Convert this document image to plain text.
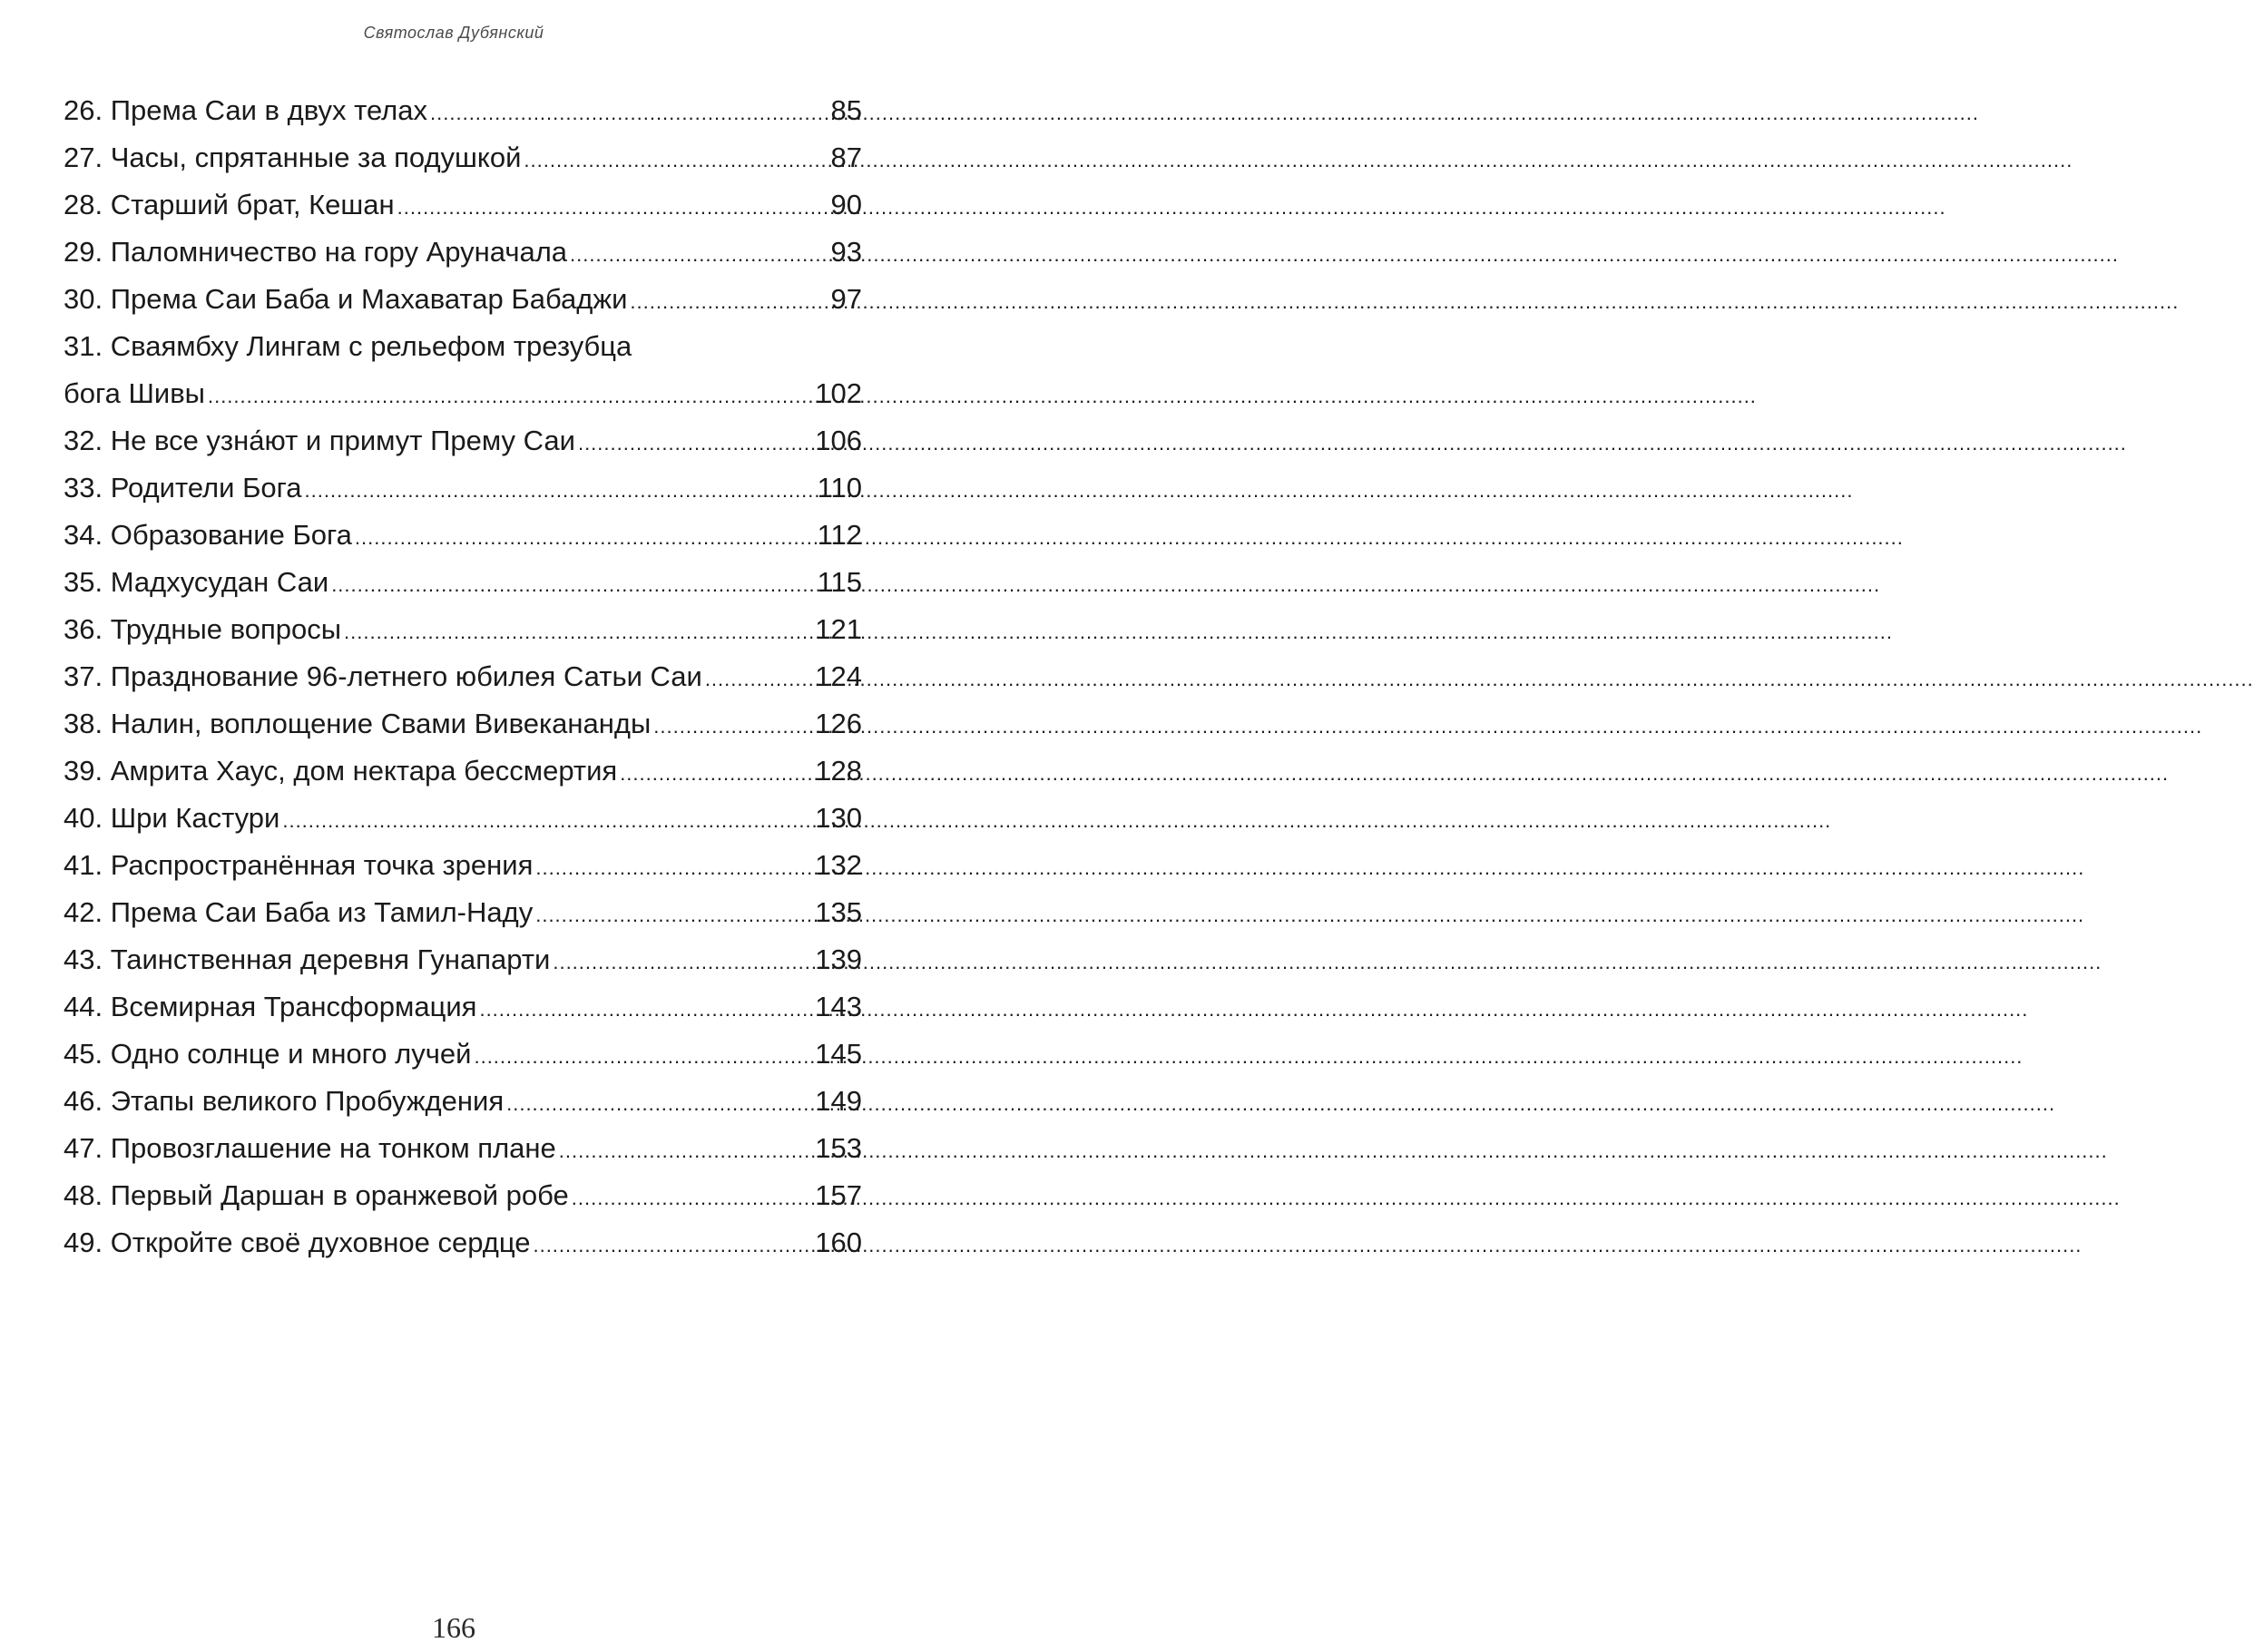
Святослав Дубянский
26. Према Саи в двух телах .....	85
27. Часы, спрятанные за подушкой .....	87
28. Старший брат, Кешан .....	90
29. Паломничество на гору Аруначала .....	93
30. Према Саи Баба и Махаватар Бабаджи .....	97
31. Сваямбху Лингам с рельефом трезубца
бога Шивы .....	102
32. Не все узна́ют и примут Прему Саи .....	106
33. Родители Бога .....	110
34. Образование Бога .....	112
35. Мадхусудан Саи .....	115
36. Трудные вопросы .....	121
37. Празднование 96-летнего юбилея Сатьи Саи .....	124
38. Налин, воплощение Свами Вивекананды .....	126
39. Амрита Хаус, дом нектара бессмертия .....	128
40. Шри Кастури .....	130
41. Распространённая точка зрения .....	132
42. Према Саи Баба из Тамил-Наду .....	135
43. Таинственная деревня Гунапарти .....	139
44. Всемирная Трансформация .....	143
45. Одно солнце и много лучей .....	145
46. Этапы великого Пробуждения .....	149
47. Провозглашение на тонком плане .....	153
48. Первый Даршан в оранжевой робе .....	157
49. Откройте своё духовное сердце .....	160
166
